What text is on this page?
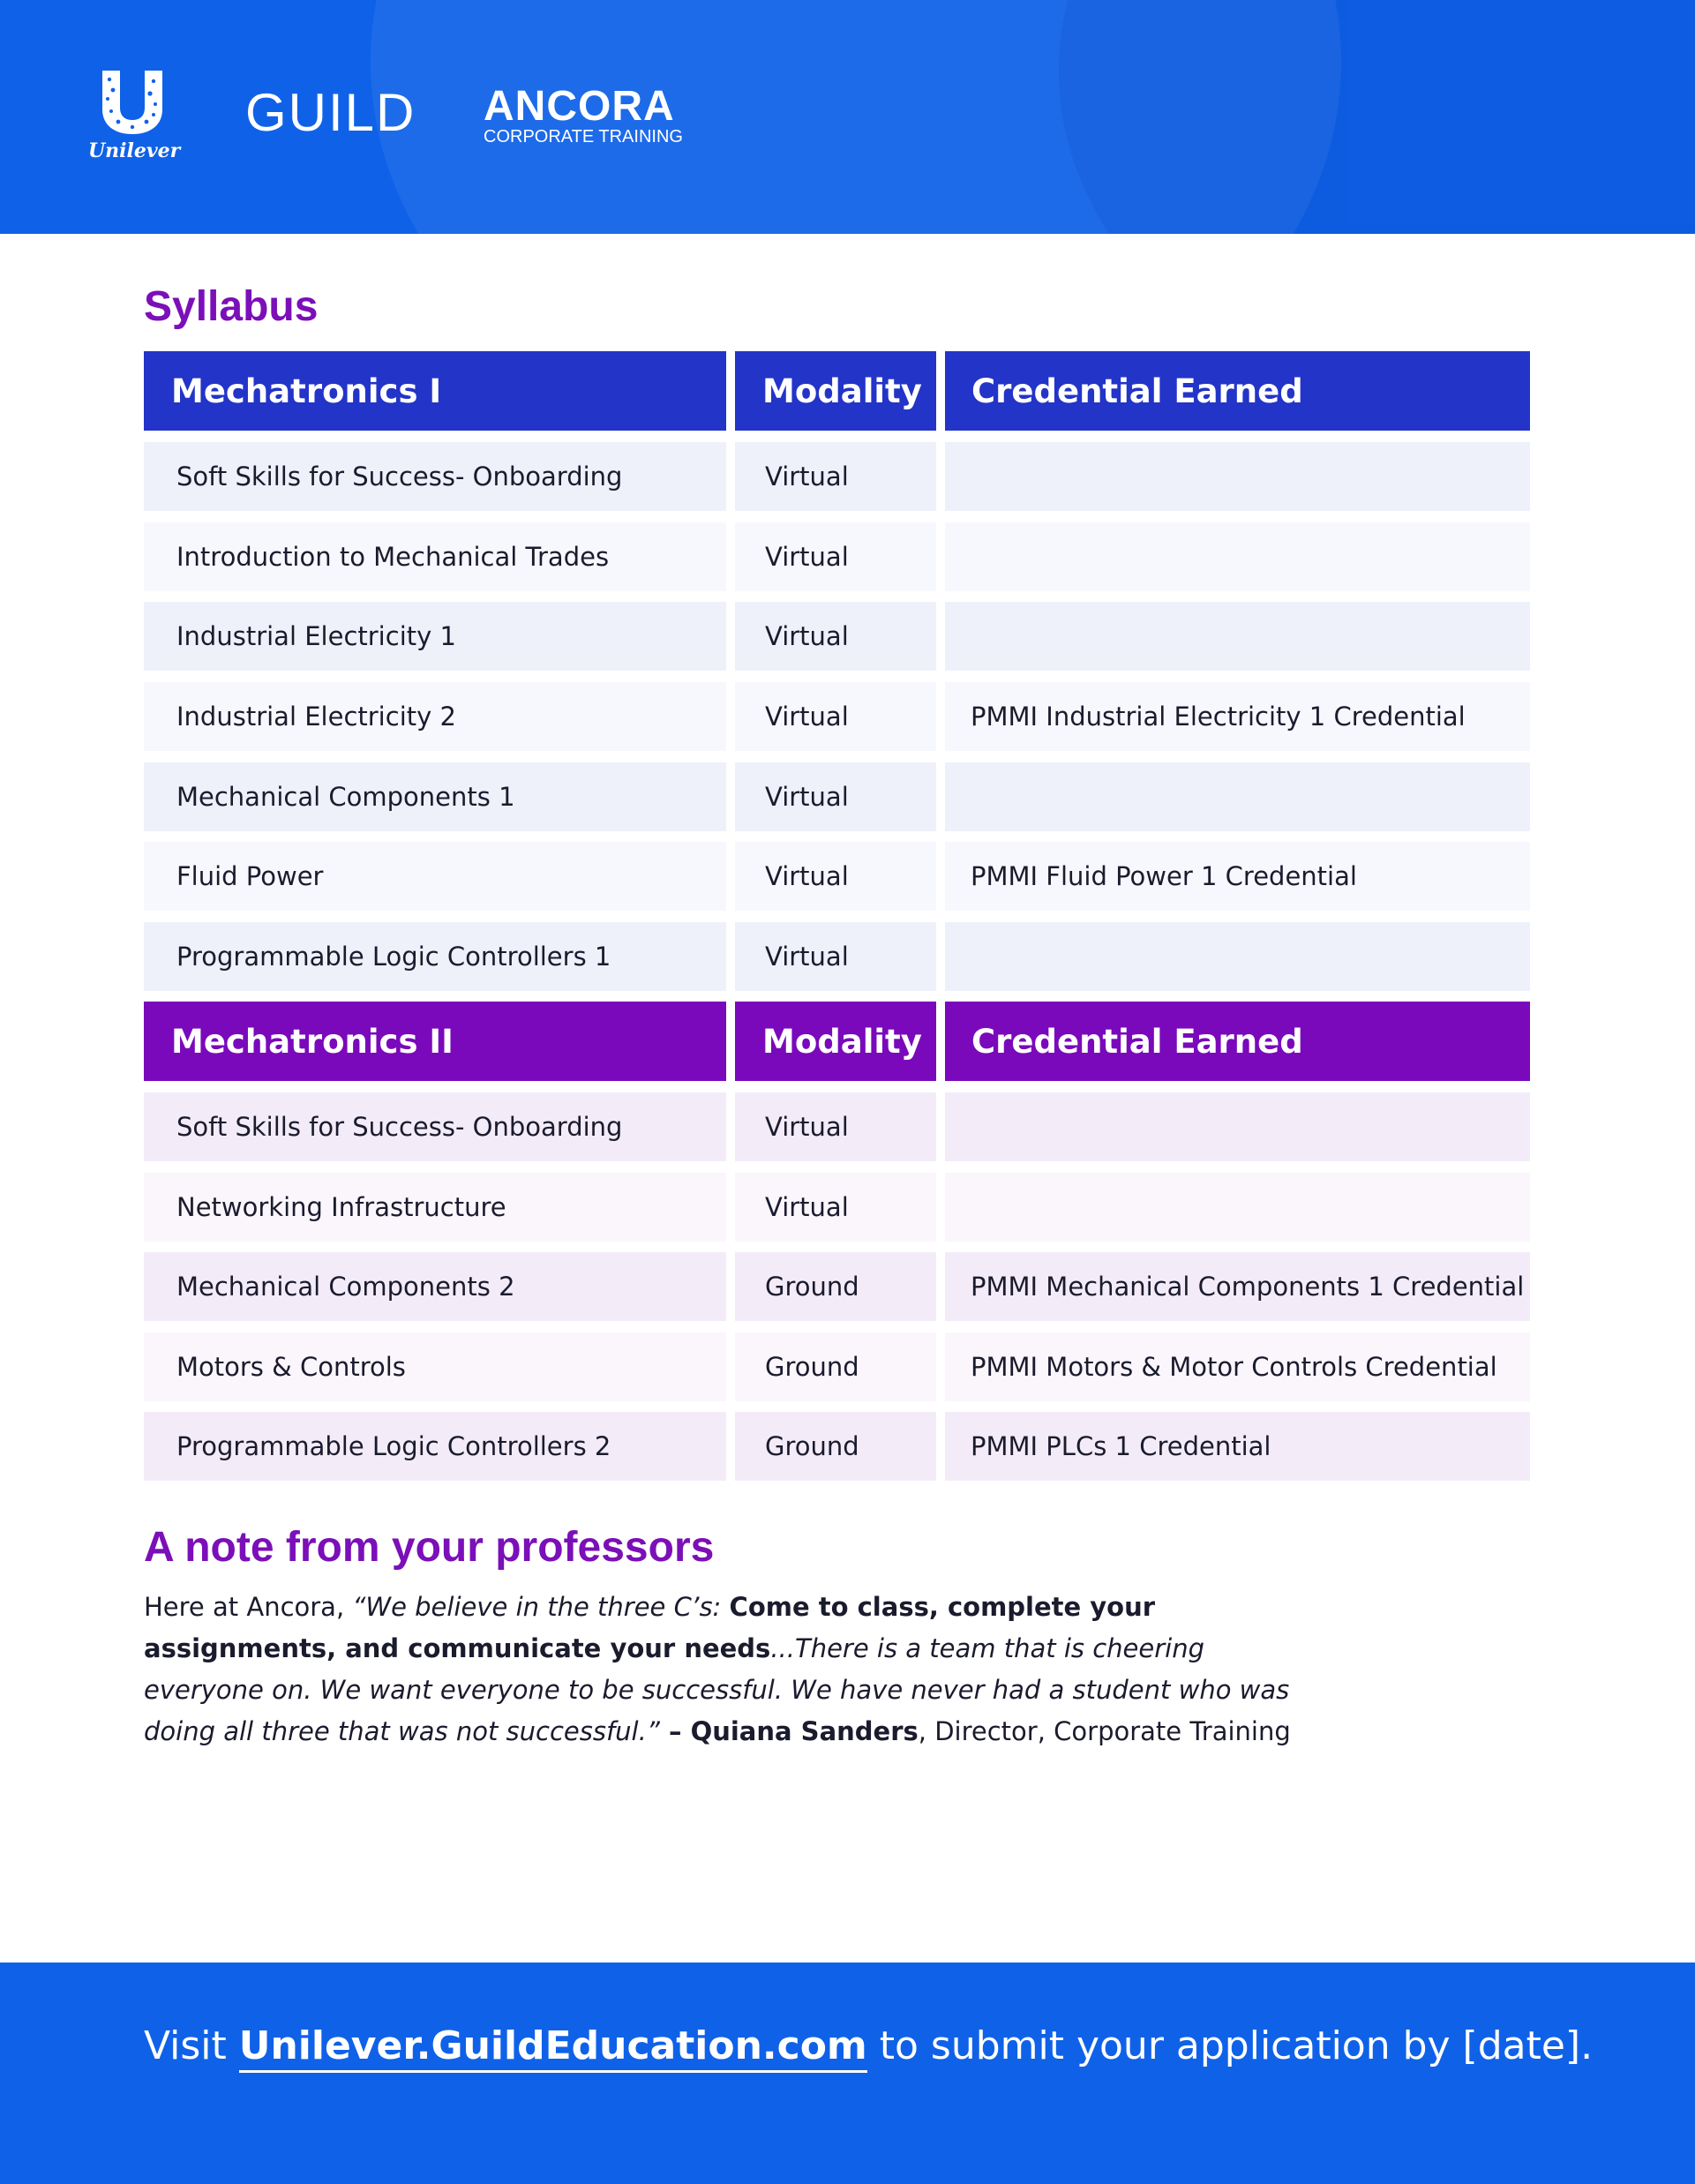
Unilever
GUILD ANCORA
CORPORATE TRAINING
Syllabus
Mechatronics I	Modality	Credential Earned
Soft Skills for Success- Onboarding	Virtual
Introduction to Mechanical Trades	Virtual
Industrial Electricity 1	Virtual
Industrial Electricity 2	Virtual	PMMI Industrial Electricity 1 Credential
Mechanical Components 1	Virtual
Fluid Power	Virtual	PMMI Fluid Power 1 Credential
Programmable Logic Controllers 1	Virtual
Mechatronics II	Modality	Credential Earned
Soft Skills for Success- Onboarding	Virtual
Networking Infrastructure	Virtual
Mechanical Components 2	Ground	PMMI Mechanical Components 1 Credential
Motors & Controls	Ground	PMMI Motors & Motor Controls Credential
Programmable Logic Controllers 2	Ground	PMMI PLCs 1 Credential
A note from your professors
Here at Ancora, “We believe in the three C’s: Come to class, complete your assignments, and communicate your needs...There is a team that is cheering everyone on. We want everyone to be successful. We have never had a student who was doing all three that was not successful.” – Quiana Sanders, Director, Corporate Training
Visit Unilever.GuildEducation.com to submit your application by [date].
